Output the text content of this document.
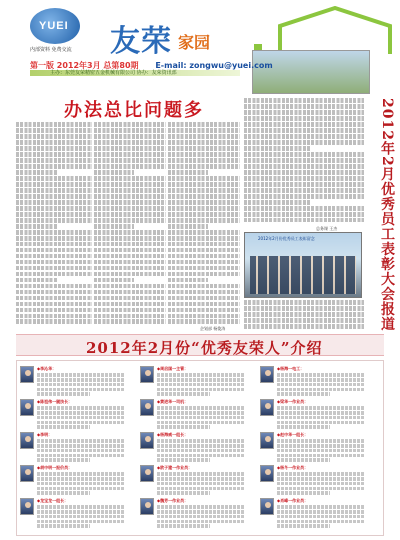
YUEI
内部资料 免费交流 友荣 家园
第一版 2012年3月 总第80期 E-mail: zongwu@yuei.com
主办：东莞友荣精密五金机械有限公司 协办：友荣资讯部
办法总比问题多
企划部 杨俊涛	2012年2月优秀员工表彰大会报道
总务课 王杰
2012年2月份优秀员工表彰留念
2012年2月份“优秀友荣人”介绍
◆李沁华：
◆陈祖伟一腿技长：
◆李明：
◆胡中明一报价员：
◆龙宝龙一组长：
◆周启国一主管：
◆黄进华一司机：
◆杨海威一组长：
◆欧子建一作业员：
◆魏芳一作业员：
◆杨海一电工：
◆梁华一作业员：
◆赵中华一组长：
◆杨冬一作业员：
◆肖峰一作业员：
